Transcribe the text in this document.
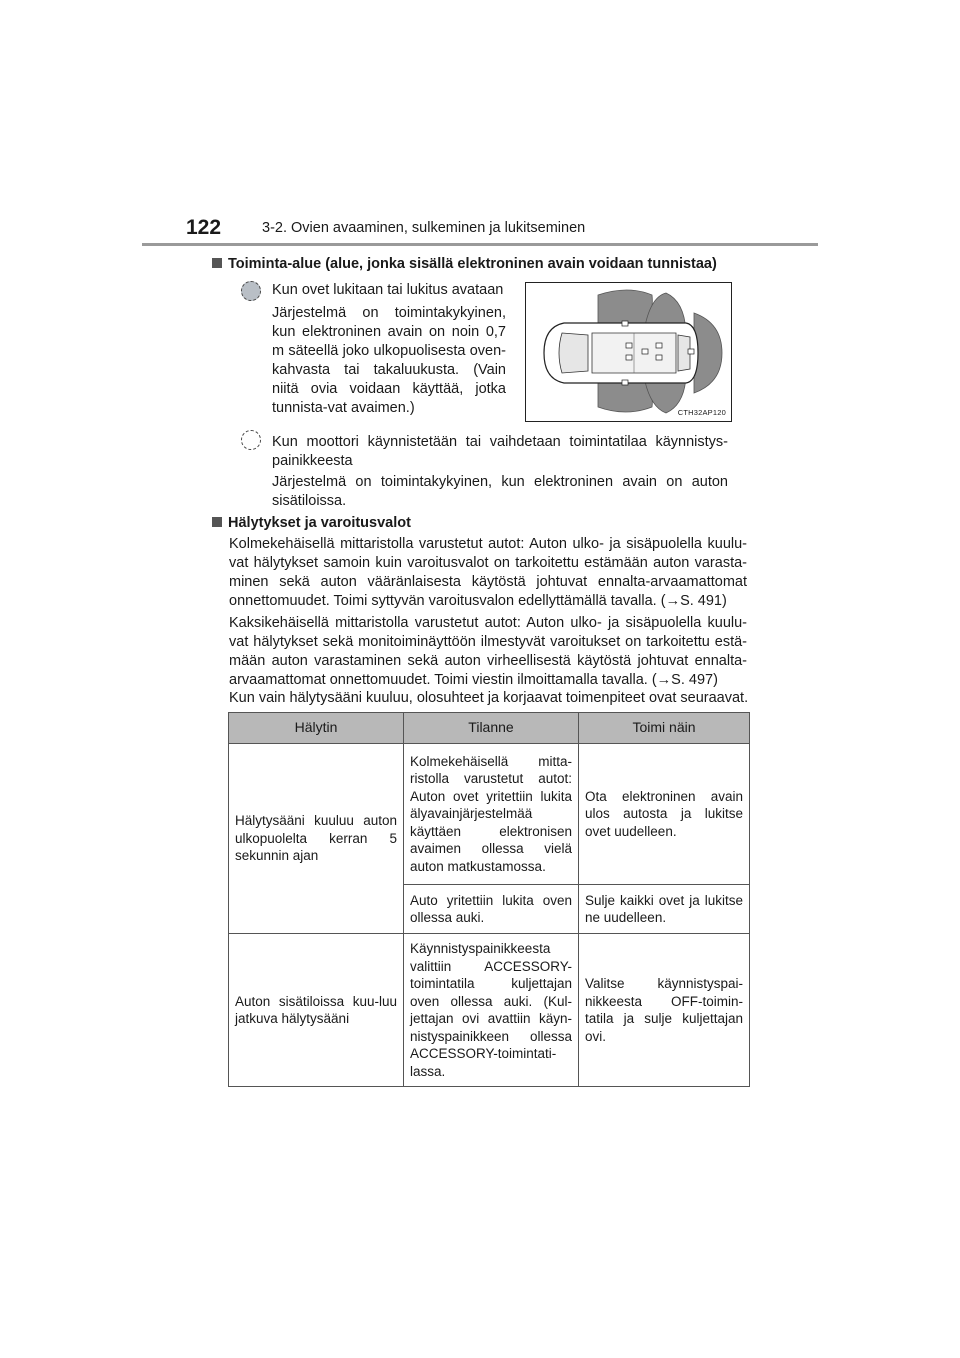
122	3-2. Ovien avaaminen, sulkeminen ja lukitseminen
Toiminta-alue (alue, jonka sisällä elektroninen avain voidaan tunnistaa)
Kun ovet lukitaan tai lukitus avataan
Järjestelmä on toimintakykyinen, kun elektroninen avain on noin 0,7 m säteellä joko ulkopuolisesta oven-kahvasta tai takaluukusta. (Vain niitä ovia voidaan käyttää, jotka tunnista-vat avaimen.)	CTH32AP120
Kun moottori käynnistetään tai vaihdetaan toimintatilaa käynnistys-painikkeesta
Järjestelmä on toimintakykyinen, kun elektroninen avain on auton sisätiloissa.
Hälytykset ja varoitusvalot
Kolmekehäisellä mittaristolla varustetut autot: Auton ulko- ja sisäpuolella kuulu-vat hälytykset samoin kuin varoitusvalot on tarkoitettu estämään auton varasta-minen sekä auton vääränlaisesta käytöstä johtuvat ennalta-arvaamattomat onnettomuudet. Toimi syttyvän varoitusvalon edellyttämällä tavalla. (→S. 491)
Kaksikehäisellä mittaristolla varustetut autot: Auton ulko- ja sisäpuolella kuulu-vat hälytykset sekä monitoiminäyttöön ilmestyvät varoitukset on tarkoitettu estä-mään auton varastaminen sekä auton virheellisestä käytöstä johtuvat ennalta-arvaamattomat onnettomuudet. Toimi viestin ilmoittamalla tavalla. (→S. 497)
Kun vain hälytysääni kuuluu, olosuhteet ja korjaavat toimenpiteet ovat seuraavat.
Hälytin	Tilanne	Toimi näin
Hälytysääni kuuluu auton ulkopuolelta kerran 5 sekunnin ajan	Kolmekehäisellä mitta-ristolla varustetut autot: Auton ovet yritettiin lukita älyavainjärjestelmää käyttäen elektronisen avaimen ollessa vielä auton matkustamossa.	Ota elektroninen avain ulos autosta ja lukitse ovet uudelleen.
	Auto yritettiin lukita oven ollessa auki.	Sulje kaikki ovet ja lukitse ne uudelleen.
Auton sisätiloissa kuu-luu jatkuva hälytysääni	Käynnistyspainikkeesta valittiin ACCESSORY-toimintatila kuljettajan oven ollessa auki. (Kul-jettajan ovi avattiin käyn-nistyspainikkeen ollessa ACCESSORY-toimintati-lassa.	Valitse käynnistyspai-nikkeesta OFF-toimin-tatila ja sulje kuljettajan ovi.
